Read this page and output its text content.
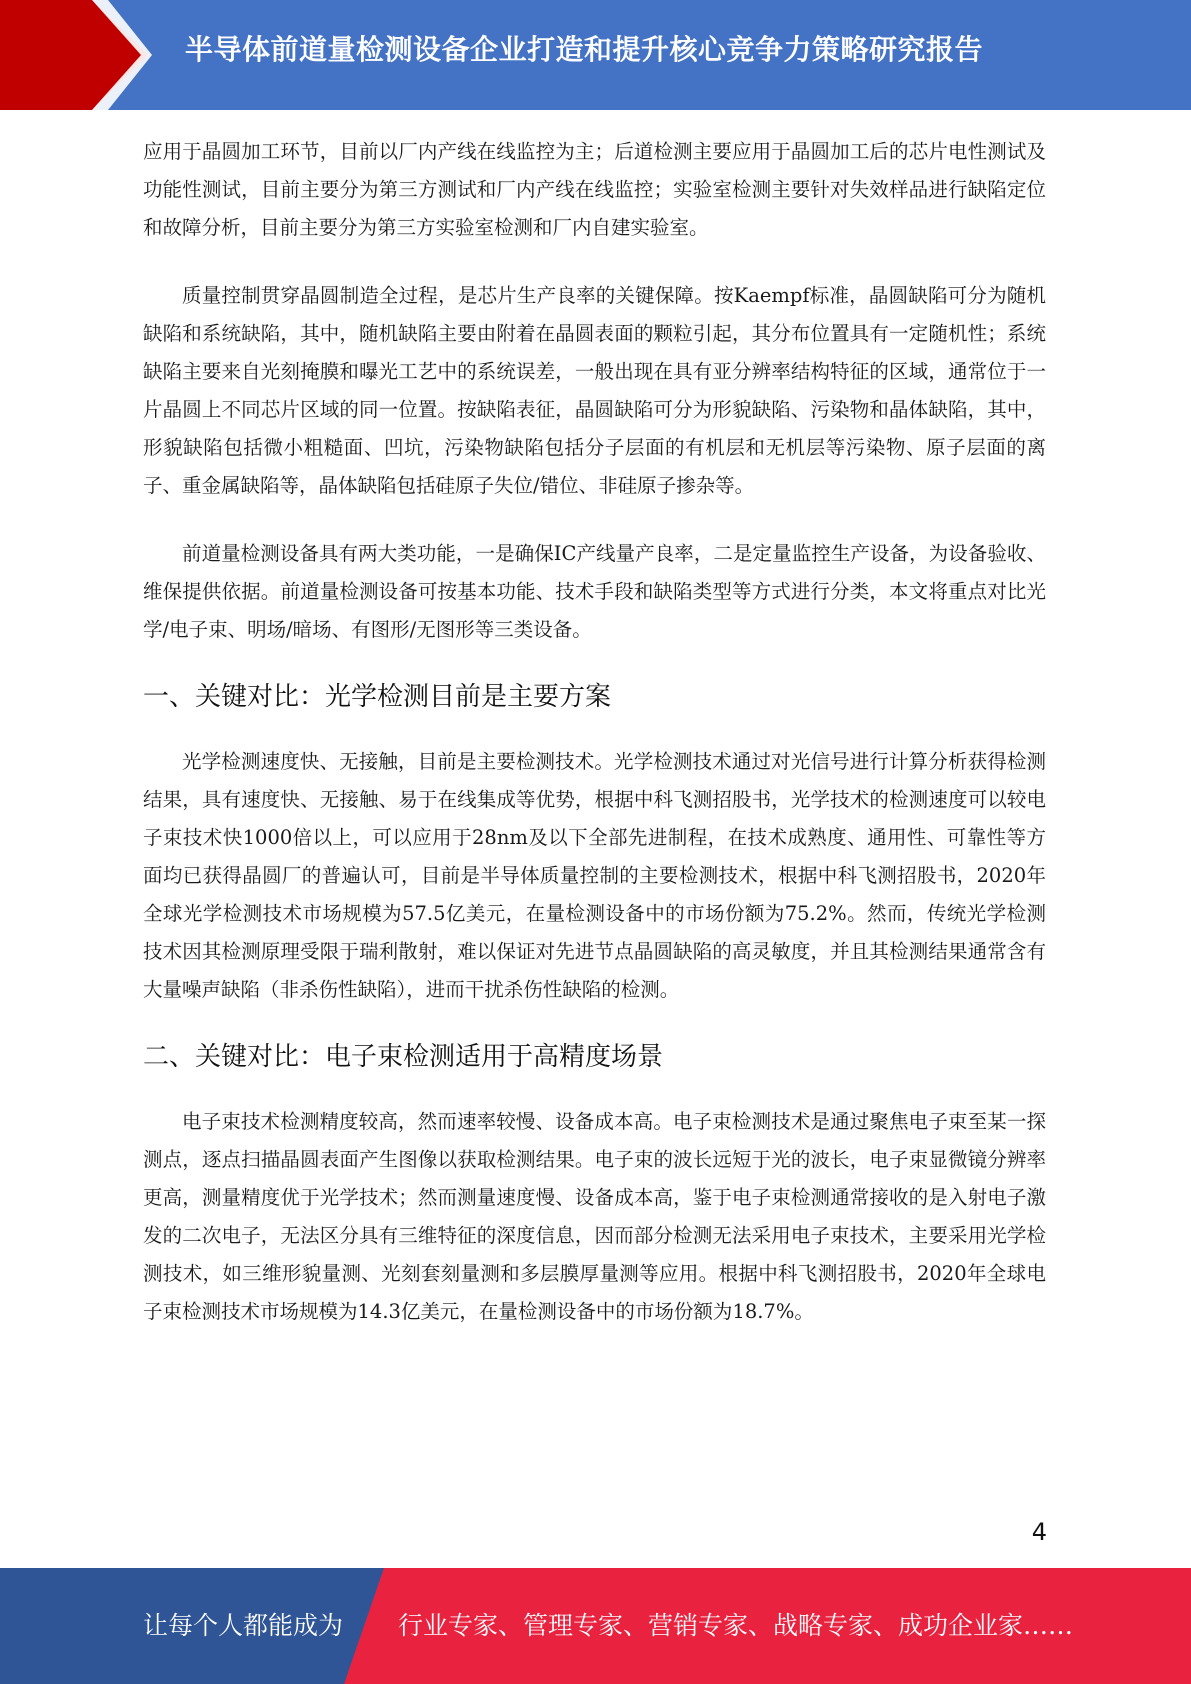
半导体前道量检测设备企业打造和提升核心竞争力策略研究报告

应用于晶圆加工环节，目前以厂内产线在线监控为主；后道检测主要应用于晶圆加工后的芯片电性测试及功能性测试，目前主要分为第三方测试和厂内产线在线监控；实验室检测主要针对失效样品进行缺陷定位和故障分析，目前主要分为第三方实验室检测和厂内自建实验室。

质量控制贯穿晶圆制造全过程，是芯片生产良率的关键保障。按Kaempf标准，晶圆缺陷可分为随机缺陷和系统缺陷，其中，随机缺陷主要由附着在晶圆表面的颗粒引起，其分布位置具有一定随机性；系统缺陷主要来自光刻掩膜和曝光工艺中的系统误差，一般出现在具有亚分辨率结构特征的区域，通常位于一片晶圆上不同芯片区域的同一位置。按缺陷表征，晶圆缺陷可分为形貌缺陷、污染物和晶体缺陷，其中，形貌缺陷包括微小粗糙面、凹坑，污染物缺陷包括分子层面的有机层和无机层等污染物、原子层面的离子、重金属缺陷等，晶体缺陷包括硅原子失位/错位、非硅原子掺杂等。

前道量检测设备具有两大类功能，一是确保IC产线量产良率，二是定量监控生产设备，为设备验收、维保提供依据。前道量检测设备可按基本功能、技术手段和缺陷类型等方式进行分类，本文将重点对比光学/电子束、明场/暗场、有图形/无图形等三类设备。

一、关键对比：光学检测目前是主要方案

光学检测速度快、无接触，目前是主要检测技术。光学检测技术通过对光信号进行计算分析获得检测结果，具有速度快、无接触、易于在线集成等优势，根据中科飞测招股书，光学技术的检测速度可以较电子束技术快1000倍以上，可以应用于28nm及以下全部先进制程，在技术成熟度、通用性、可靠性等方面均已获得晶圆厂的普遍认可，目前是半导体质量控制的主要检测技术，根据中科飞测招股书，2020年全球光学检测技术市场规模为57.5亿美元，在量检测设备中的市场份额为75.2%。然而，传统光学检测技术因其检测原理受限于瑞利散射，难以保证对先进节点晶圆缺陷的高灵敏度，并且其检测结果通常含有大量噪声缺陷（非杀伤性缺陷），进而干扰杀伤性缺陷的检测。

二、关键对比：电子束检测适用于高精度场景

电子束技术检测精度较高，然而速率较慢、设备成本高。电子束检测技术是通过聚焦电子束至某一探测点，逐点扫描晶圆表面产生图像以获取检测结果。电子束的波长远短于光的波长，电子束显微镜分辨率更高，测量精度优于光学技术；然而测量速度慢、设备成本高，鉴于电子束检测通常接收的是入射电子激发的二次电子，无法区分具有三维特征的深度信息，因而部分检测无法采用电子束技术，主要采用光学检测技术，如三维形貌量测、光刻套刻量测和多层膜厚量测等应用。根据中科飞测招股书，2020年全球电子束检测技术市场规模为14.3亿美元，在量检测设备中的市场份额为18.7%。

4
让每个人都能成为 行业专家、管理专家、营销专家、战略专家、成功企业家……
